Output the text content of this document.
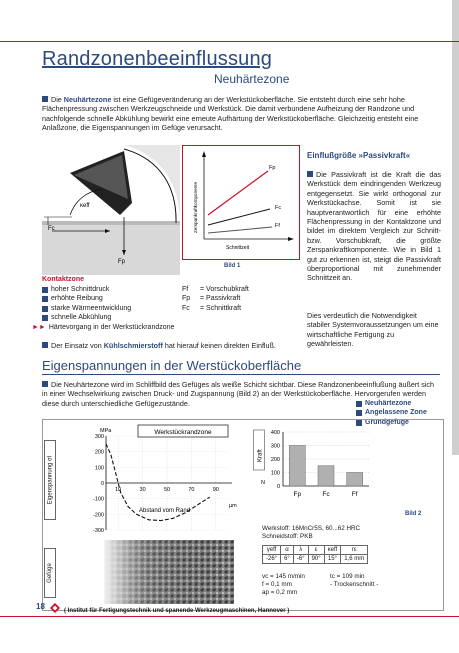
Randzonenbeeinflussung
Neuhärtezone
Die Neuhärtezone ist eine Gefügeveränderung an der Werkstückoberfläche. Sie entsteht durch eine sehr hohe Flächenpressung zwischen Werkzeugschneide und Werkstück. Die damit verbundene Aufheizung der Randzone und nachfolgende schnelle Abkühlung bewirkt eine erneute Aufhärtung der Werkstückoberfläche. Gleichzeitig entsteht eine Anlaßzone, die Eigenspannungen im Gefüge verursacht.
κeff
Fc
Fp
Zerspankraftkomponente
Schnittzeit
Fp
Fc
Ff
Bild 1
Einflußgröße »Passivkraft«
Die Passivkraft ist die Kraft die das Werkstück dem eindringenden Werkzeug entgegensetzt. Sie wirkt orthogonal zur Werkstückachse. Somit ist sie hauptverantwortlich für eine erhöhte Flächenpressung in der Kontaktzone und bildet im direktem Vergleich zur Schnitt-bzw. Vorschubkraft, die größte Zerspankraftkomponente. Wie in Bild 1 gut zu erkennen ist, steigt die Passivkraft überproportional mit zunehmender Schnittzeit an.
Dies verdeutlich die Notwendigkeit stabiler Systemvoraussetzungen um eine wirtschaftliche Fertigung zu gewährleisten.
Kontaktzone
hoher Schnittdruck
erhöhte Reibung
starke Wärmeentwicklung
schnelle Abkühlung
►► Härtevorgang in der Werkstückrandzone
Ff	= Vorschubkraft
Fp	= Passivkraft
Fc	= Schnittkraft
Der Einsatz von Kühlschmierstoff hat hierauf keinen direkten Einfluß.
Eigenspannungen in der Werstückoberfläche
Die Neuhärtezone wird im Schliffbild des Gefüges als weiße Schicht sichtbar. Diese Randzonenbeeinflußung äußert sich in einer Wechselwirkung zwischen Druck- und Zugspannung (Bild 2) an der Werkstückoberfläche. Hervorgerufen werden diese durch unterschiedliche Gefügezustände.	Neuhärtezone
Angelassene Zone
Grundgefüge
Bild 2
Werkstückrandzone
10	30	50	70	90
300
200
100
0
-100
-200
-300
MPa
µm
Abstand vom Rand
Eigenspannung σI
Gefüge
Kraft
N
0
100
200
300
400
Fp	Fc	Ff
Werkstoff: 16MnCr5S, 60...62 HRC
Schneidstoff: PKB
γeff	α	λ	ε	κeff	rε
-26°	6°	-6°	90°	15°	1,6 mm
vc = 145 m/min
f = 0,1 mm
ap = 0,2 mm
tc = 109 min
- Trockenschnitt -
18	( Institut für Fertigungstechnik und spanende Werkzeugmaschinen, Hannover )
